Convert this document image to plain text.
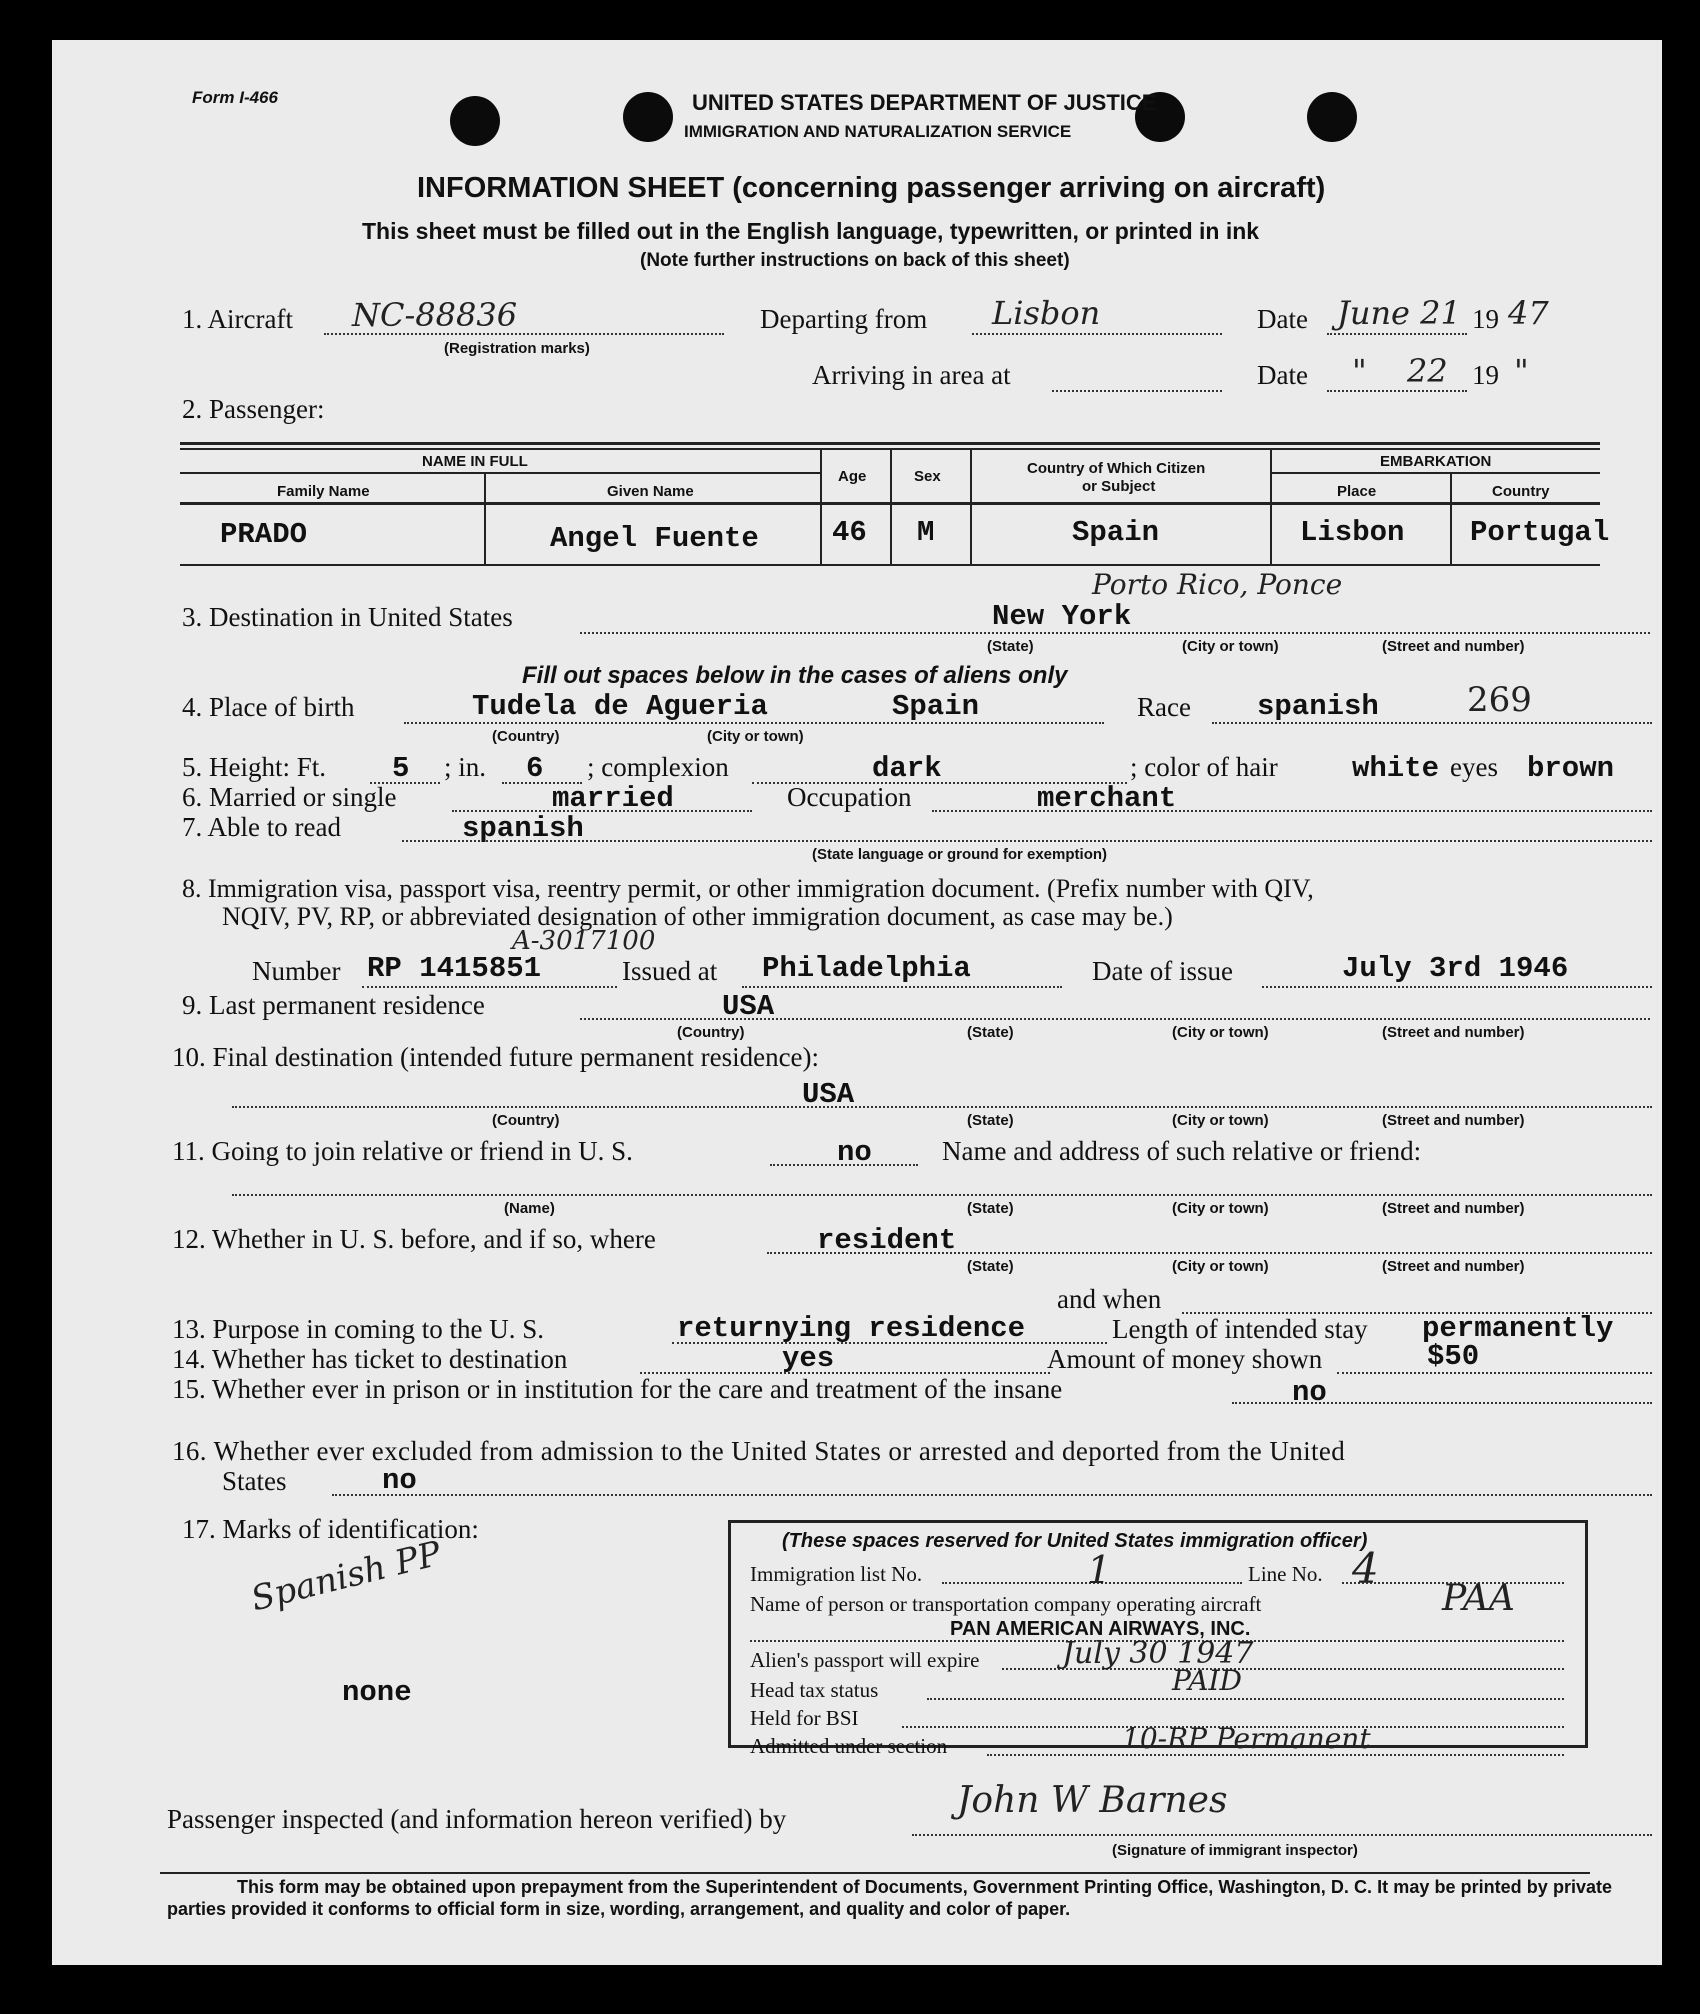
Form I-466	UNITED STATES DEPARTMENT OF JUSTICE
IMMIGRATION AND NATURALIZATION SERVICE
INFORMATION SHEET (concerning passenger arriving on aircraft)
This sheet must be filled out in the English language, typewritten, or printed in ink
(Note further instructions on back of this sheet)
1. Aircraft NC-88836
(Registration marks)
Departing from Lisbon	Date June 21 19 47
Arriving in area at	Date " 22 19 "
2. Passenger:
NAME IN FULL
Family Name	Given Name
Age	Sex	Country of Which Citizen
or Subject
EMBARKATION
Place	Country
PRADO	Angel Fuente	46 M	Spain	Lisbon Portugal
Porto Rico, Ponce
3. Destination in United States	New York
(State)	(City or town)	(Street and number)
Fill out spaces below in the cases of aliens only
4. Place of birth	Tudela de Agueria	Spain
(Country)	(City or town)
Race spanish	269
5. Height: Ft. 5 ; in. 6 ; complexion	dark	; color of hair	white eyes brown
6. Married or single	married	Occupation	merchant
7. Able to read	spanish
(State language or ground for exemption)
8. Immigration visa, passport visa, reentry permit, or other immigration document. (Prefix number with QIV,
NQIV, PV, RP, or abbreviated designation of other immigration document, as case may be.)
A-3017100
Number RP 1415851	Issued at Philadelphia	Date of issue	July 3rd 1946
9. Last permanent residence	USA
(Country)	(State)	(City or town)	(Street and number)
10. Final destination (intended future permanent residence):
USA
(Country)	(State)	(City or town)	(Street and number)
11. Going to join relative or friend in U. S.	no	Name and address of such relative or friend:
(Name)	(State)	(City or town)	(Street and number)
12. Whether in U. S. before, and if so, where	resident
(State)	(City or town)	(Street and number)
and when
13. Purpose in coming to the U. S.	returnying residence	Length of intended stay permanently
14. Whether has ticket to destination	yes	Amount of money shown	$50
15. Whether ever in prison or in institution for the care and treatment of the insane	no
16. Whether ever excluded from admission to the United States or arrested and deported from the United
States	no
17. Marks of identification:
Spanish PP
none
(These spaces reserved for United States immigration officer)
Immigration list No.	1	Line No. 4
Name of person or transportation company operating aircraft	PAA
PAN AMERICAN AIRWAYS, INC.
Alien's passport will expire	July 30 1947
Head tax status	PAID
Held for BSI
Admitted under section	10-RP Permanent
Passenger inspected (and information hereon verified) by	John W Barnes
(Signature of immigrant inspector)
This form may be obtained upon prepayment from the Superintendent of Documents, Government Printing Office, Washington, D. C. It may be printed by private parties provided it conforms to official form in size, wording, arrangement, and quality and color of paper.
